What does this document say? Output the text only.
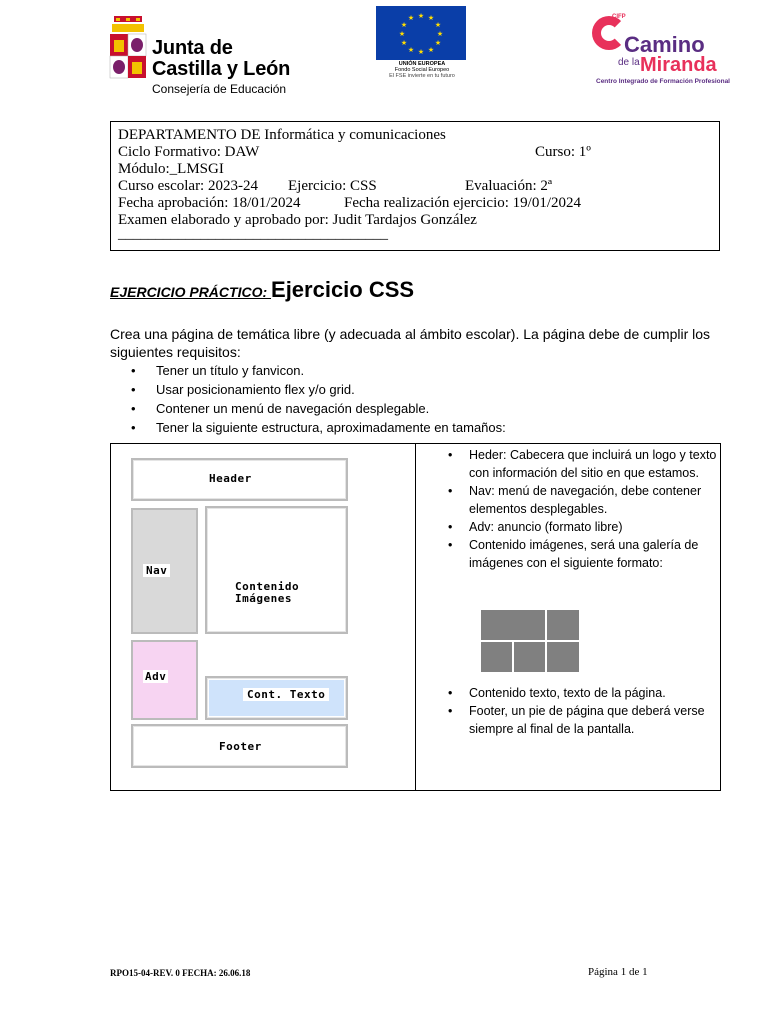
Junta de
Castilla y León
Consejería de Educación
★ ★
★
★
★
★
★
★
★
★
★
★
UNIÓN EUROPEA
Fondo Social Europeo
El FSE invierte en tu futuro
CIFP
Camino
de la Miranda
Centro Integrado de Formación Profesional
DEPARTAMENTO DE Informática y comunicaciones
Ciclo Formativo: DAW	Curso: 1º
Módulo:_LMSGI
Curso escolar: 2023-24 Ejercicio: CSS	Evaluación: 2ª
Fecha aprobación: 18/01/2024	Fecha realización ejercicio: 19/01/2024
Examen elaborado y aprobado por: Judit Tardajos González
____________________________________
EJERCICIO PRÁCTICO: Ejercicio CSS
Crea una página de temática libre (y adecuada al ámbito escolar). La página debe de cumplir los siguientes requisitos:
• Tener un título y fanvicon.
• Usar posicionamiento flex y/o grid.
• Contener un menú de navegación desplegable.
• Tener la siguiente estructura, aproximadamente en tamaños:
Header
Nav
Contenido
Imágenes
Adv
Cont. Texto
Footer
• Heder: Cabecera que incluirá un logo y texto con información del sitio en que estamos.
• Nav: menú de navegación, debe contener elementos desplegables.
• Adv: anuncio (formato libre)
• Contenido imágenes, será una galería de imágenes con el siguiente formato:
• Contenido texto, texto de la página.
• Footer, un pie de página que deberá verse siempre al final de la pantalla.
RPO15-04-REV. 0 FECHA: 26.06.18	Página 1 de 1
